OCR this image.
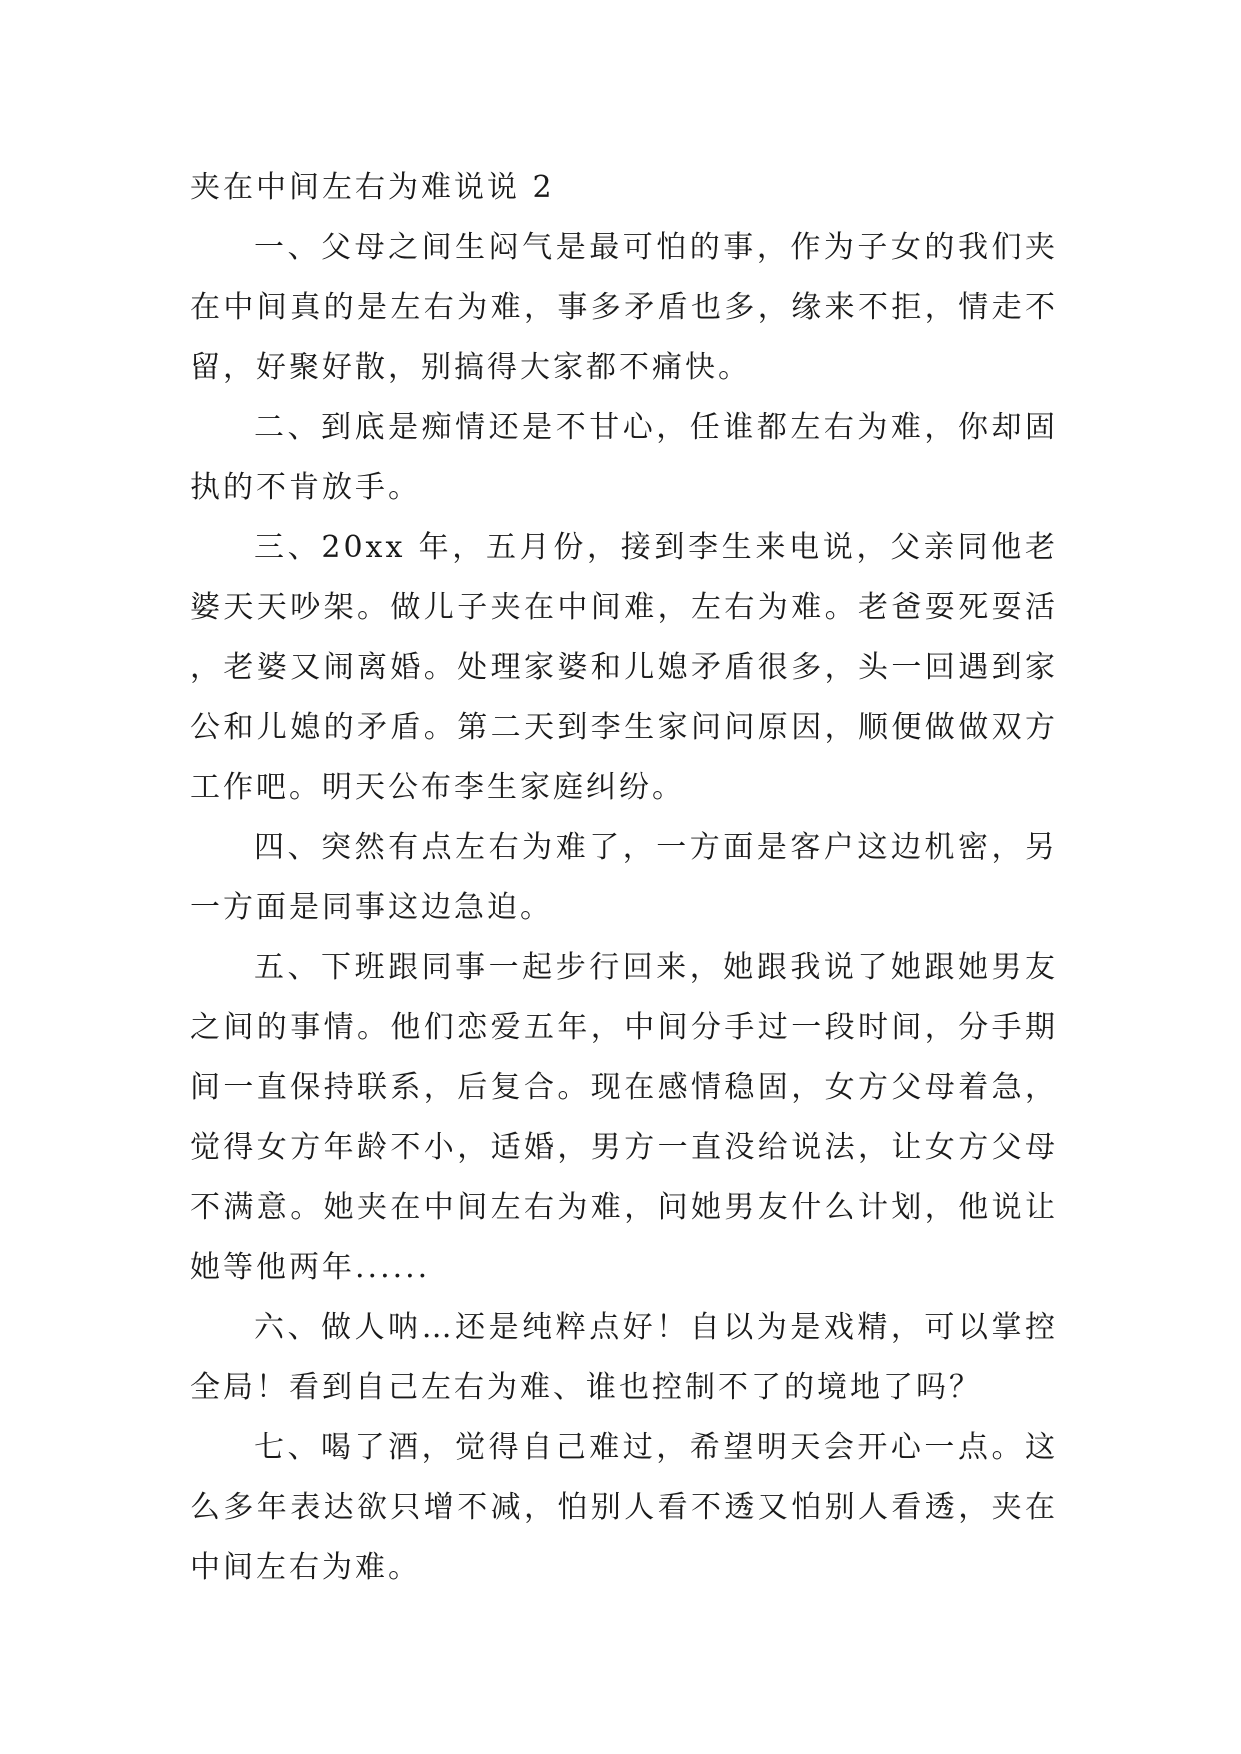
夹在中间左右为难说说 2

一、父母之间生闷气是最可怕的事，作为子女的我们夹在中间真的是左右为难，事多矛盾也多，缘来不拒，情走不留，好聚好散，别搞得大家都不痛快。

二、到底是痴情还是不甘心，任谁都左右为难，你却固执的不肯放手。

三、20xx 年，五月份，接到李生来电说，父亲同他老婆天天吵架。做儿子夹在中间难，左右为难。老爸耍死耍活，老婆又闹离婚。处理家婆和儿媳矛盾很多，头一回遇到家公和儿媳的矛盾。第二天到李生家问问原因，顺便做做双方工作吧。明天公布李生家庭纠纷。

四、突然有点左右为难了，一方面是客户这边机密，另一方面是同事这边急迫。

五、下班跟同事一起步行回来，她跟我说了她跟她男友之间的事情。他们恋爱五年，中间分手过一段时间，分手期间一直保持联系，后复合。现在感情稳固，女方父母着急，觉得女方年龄不小，适婚，男方一直没给说法，让女方父母不满意。她夹在中间左右为难，问她男友什么计划，他说让她等他两年......

六、做人呐…还是纯粹点好！自以为是戏精，可以掌控全局！看到自己左右为难、谁也控制不了的境地了吗？

七、喝了酒，觉得自己难过，希望明天会开心一点。这么多年表达欲只增不减，怕别人看不透又怕别人看透，夹在中间左右为难。
